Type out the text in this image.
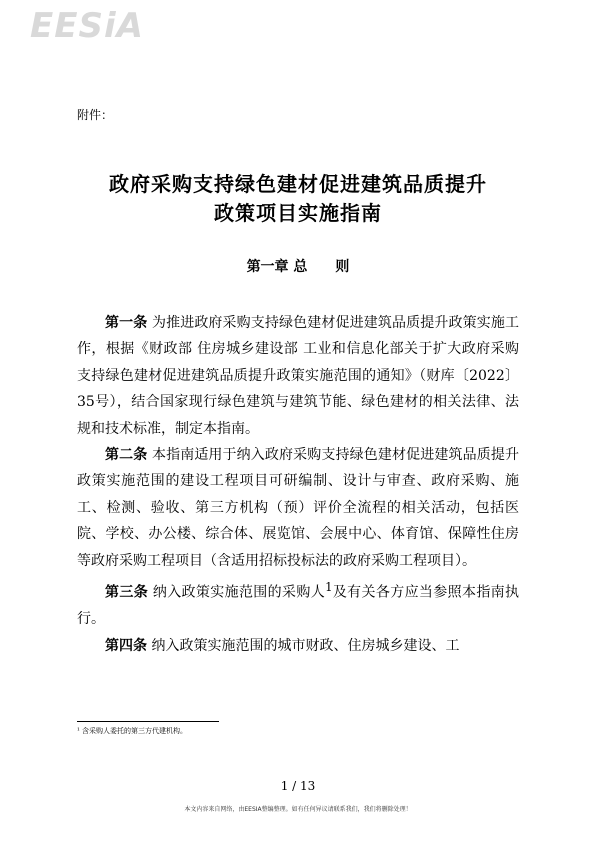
EESiA
附件：
政府采购支持绿色建材促进建筑品质提升
政策项目实施指南
第一章 总　　则

第一条 为推进政府采购支持绿色建材促进建筑品质提升政策实施工作，根据《财政部 住房城乡建设部 工业和信息化部关于扩大政府采购支持绿色建材促进建筑品质提升政策实施范围的通知》（财库〔2022〕35号），结合国家现行绿色建筑与建筑节能、绿色建材的相关法律、法规和技术标准，制定本指南。

第二条 本指南适用于纳入政府采购支持绿色建材促进建筑品质提升政策实施范围的建设工程项目可研编制、设计与审查、政府采购、施工、检测、验收、第三方机构（预）评价全流程的相关活动，包括医院、学校、办公楼、综合体、展览馆、会展中心、体育馆、保障性住房等政府采购工程项目（含适用招标投标法的政府采购工程项目）。

第三条 纳入政策实施范围的采购人$^1$及有关各方应当参照本指南执行。

第四条 纳入政策实施范围的城市财政、住房城乡建设、工

¹ 含采购人委托的第三方代建机构。
1 / 13
本文内容来自网络，由EESIA整编整理。如有任何异议请联系我们，我们将删除处理！
